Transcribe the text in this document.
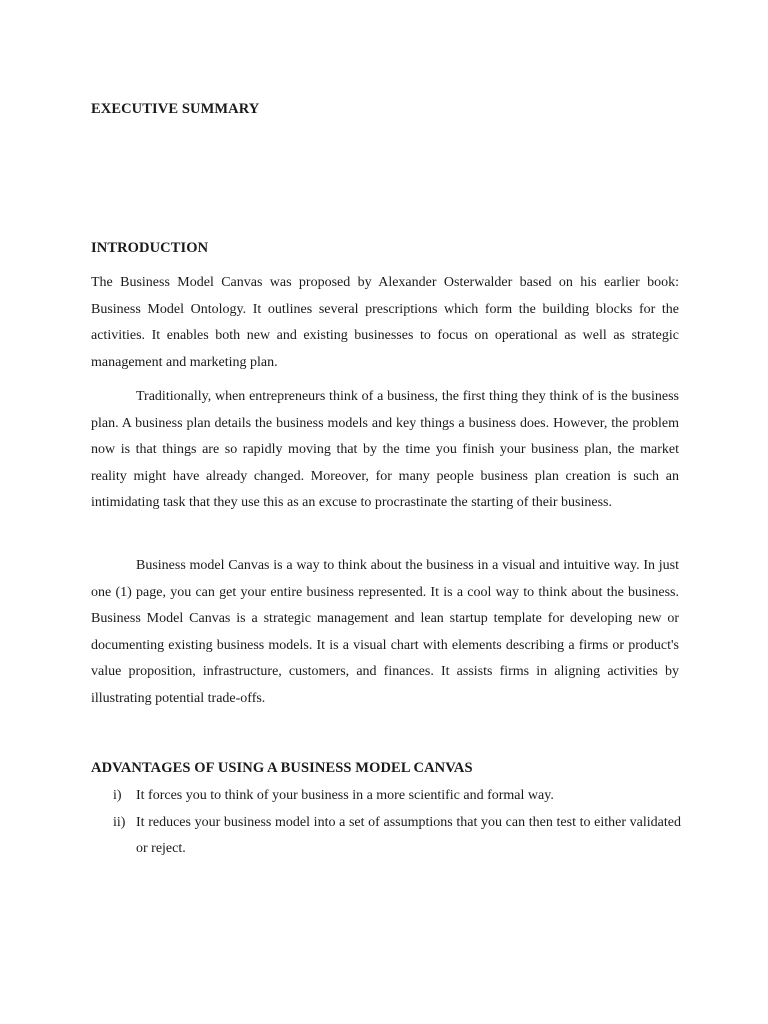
EXECUTIVE SUMMARY
INTRODUCTION

The Business Model Canvas was proposed by Alexander Osterwalder based on his earlier book: Business Model Ontology. It outlines several prescriptions which form the building blocks for the activities. It enables both new and existing businesses to focus on operational as well as strategic management and marketing plan.

Traditionally, when entrepreneurs think of a business, the first thing they think of is the business plan. A business plan details the business models and key things a business does. However, the problem now is that things are so rapidly moving that by the time you finish your business plan, the market reality might have already changed. Moreover, for many people business plan creation is such an intimidating task that they use this as an excuse to procrastinate the starting of their business.

Business model Canvas is a way to think about the business in a visual and intuitive way. In just one (1) page, you can get your entire business represented. It is a cool way to think about the business. Business Model Canvas is a strategic management and lean startup template for developing new or documenting existing business models. It is a visual chart with elements describing a firms or product's value proposition, infrastructure, customers, and finances. It assists firms in aligning activities by illustrating potential trade-offs.

ADVANTAGES OF USING A BUSINESS MODEL CANVAS
i) It forces you to think of your business in a more scientific and formal way.
ii) It reduces your business model into a set of assumptions that you can then test to either validated or reject.
